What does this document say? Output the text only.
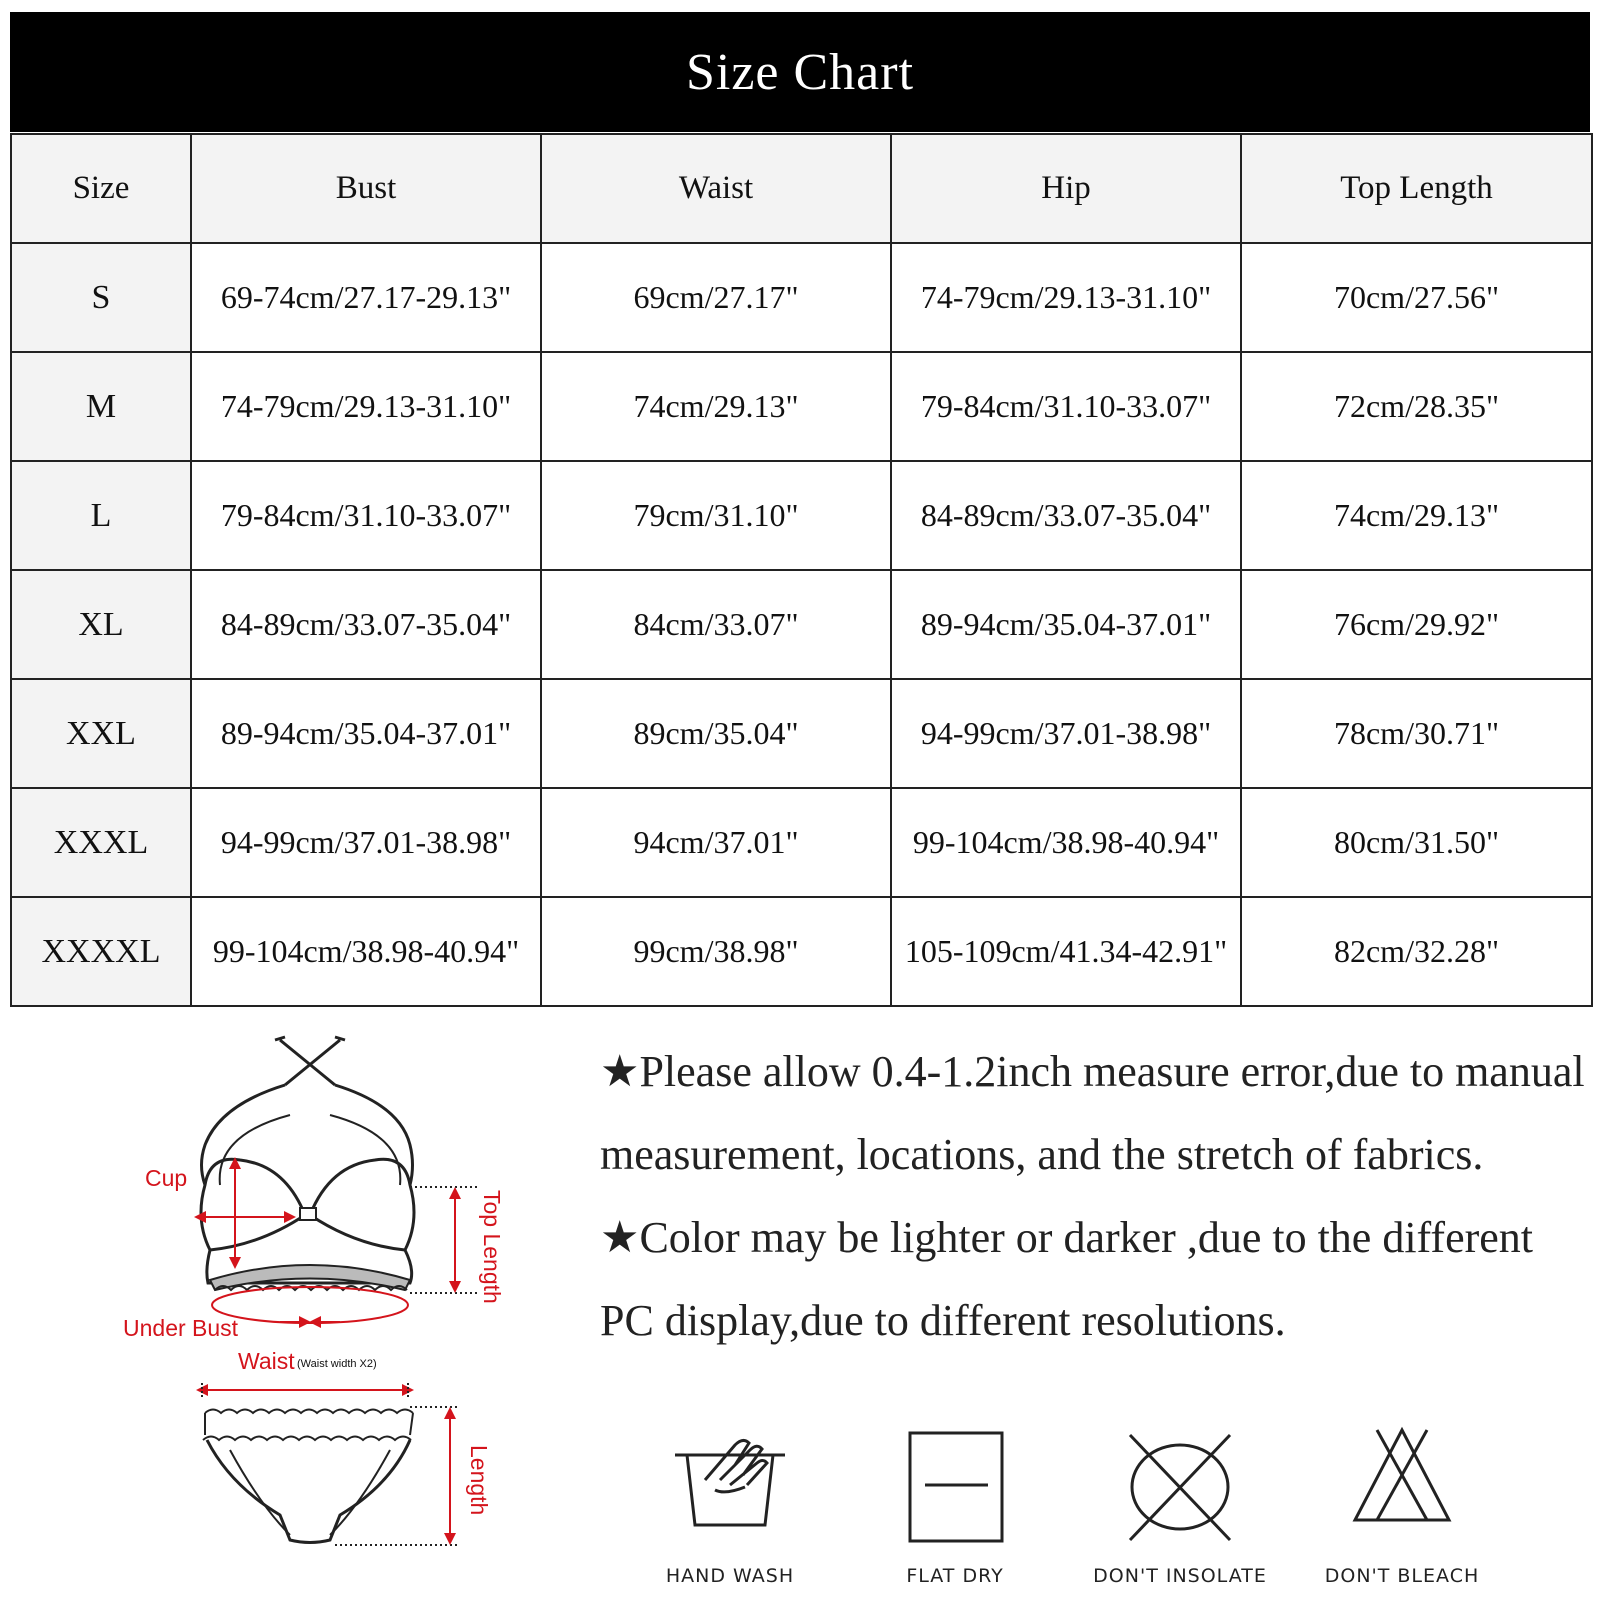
Size Chart
Size	Bust	Waist	Hip	Top Length
S	69-74cm/27.17-29.13"	69cm/27.17"	74-79cm/29.13-31.10"	70cm/27.56"
M	74-79cm/29.13-31.10"	74cm/29.13"	79-84cm/31.10-33.07"	72cm/28.35"
L	79-84cm/31.10-33.07"	79cm/31.10"	84-89cm/33.07-35.04"	74cm/29.13"
XL	84-89cm/33.07-35.04"	84cm/33.07"	89-94cm/35.04-37.01"	76cm/29.92"
XXL	89-94cm/35.04-37.01"	89cm/35.04"	94-99cm/37.01-38.98"	78cm/30.71"
XXXL	94-99cm/37.01-38.98"	94cm/37.01"	99-104cm/38.98-40.94"	80cm/31.50"
XXXXL	99-104cm/38.98-40.94"	99cm/38.98"	105-109cm/41.34-42.91"	82cm/32.28"
Cup
Top Length
Under Bust
Waist (Waist width X2)
Length

★Please allow 0.4-1.2inch measure error,due to manual measurement, locations, and the stretch of fabrics.

★Color may be lighter or darker ,due to the different PC display,due to different resolutions.

HAND WASH	FLAT DRY	DON'T INSOLATE	DON'T BLEACH
